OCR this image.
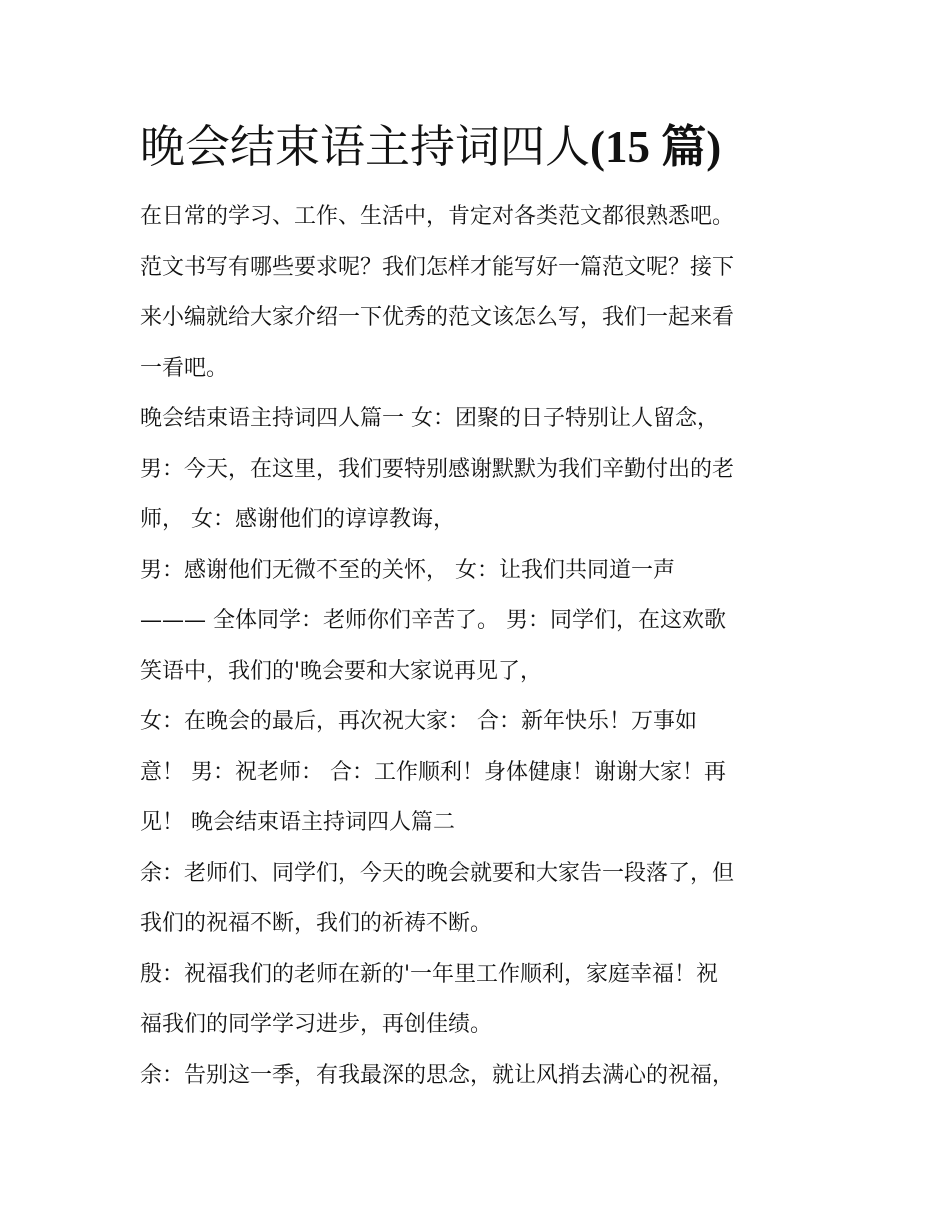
晚会结束语主持词四人(15 篇)
在日常的学习、工作、生活中，肯定对各类范文都很熟悉吧。
范文书写有哪些要求呢？我们怎样才能写好一篇范文呢？接下
来小编就给大家介绍一下优秀的范文该怎么写，我们一起来看
一看吧。
晚会结束语主持词四人篇一 女：团聚的日子特别让人留念，
男：今天，在这里，我们要特别感谢默默为我们辛勤付出的老
师， 女：感谢他们的谆谆教诲，
男：感谢他们无微不至的关怀， 女：让我们共同道一声
——— 全体同学：老师你们辛苦了。 男：同学们，在这欢歌
笑语中，我们的'晚会要和大家说再见了，
女：在晚会的最后，再次祝大家： 合：新年快乐！万事如
意！ 男：祝老师： 合：工作顺利！身体健康！谢谢大家！再
见！ 晚会结束语主持词四人篇二
余：老师们、同学们，今天的晚会就要和大家告一段落了，但
我们的祝福不断，我们的祈祷不断。
殷：祝福我们的老师在新的'一年里工作顺利，家庭幸福！祝
福我们的同学学习进步，再创佳绩。
余：告别这一季，有我最深的思念，就让风捎去满心的祝福，
